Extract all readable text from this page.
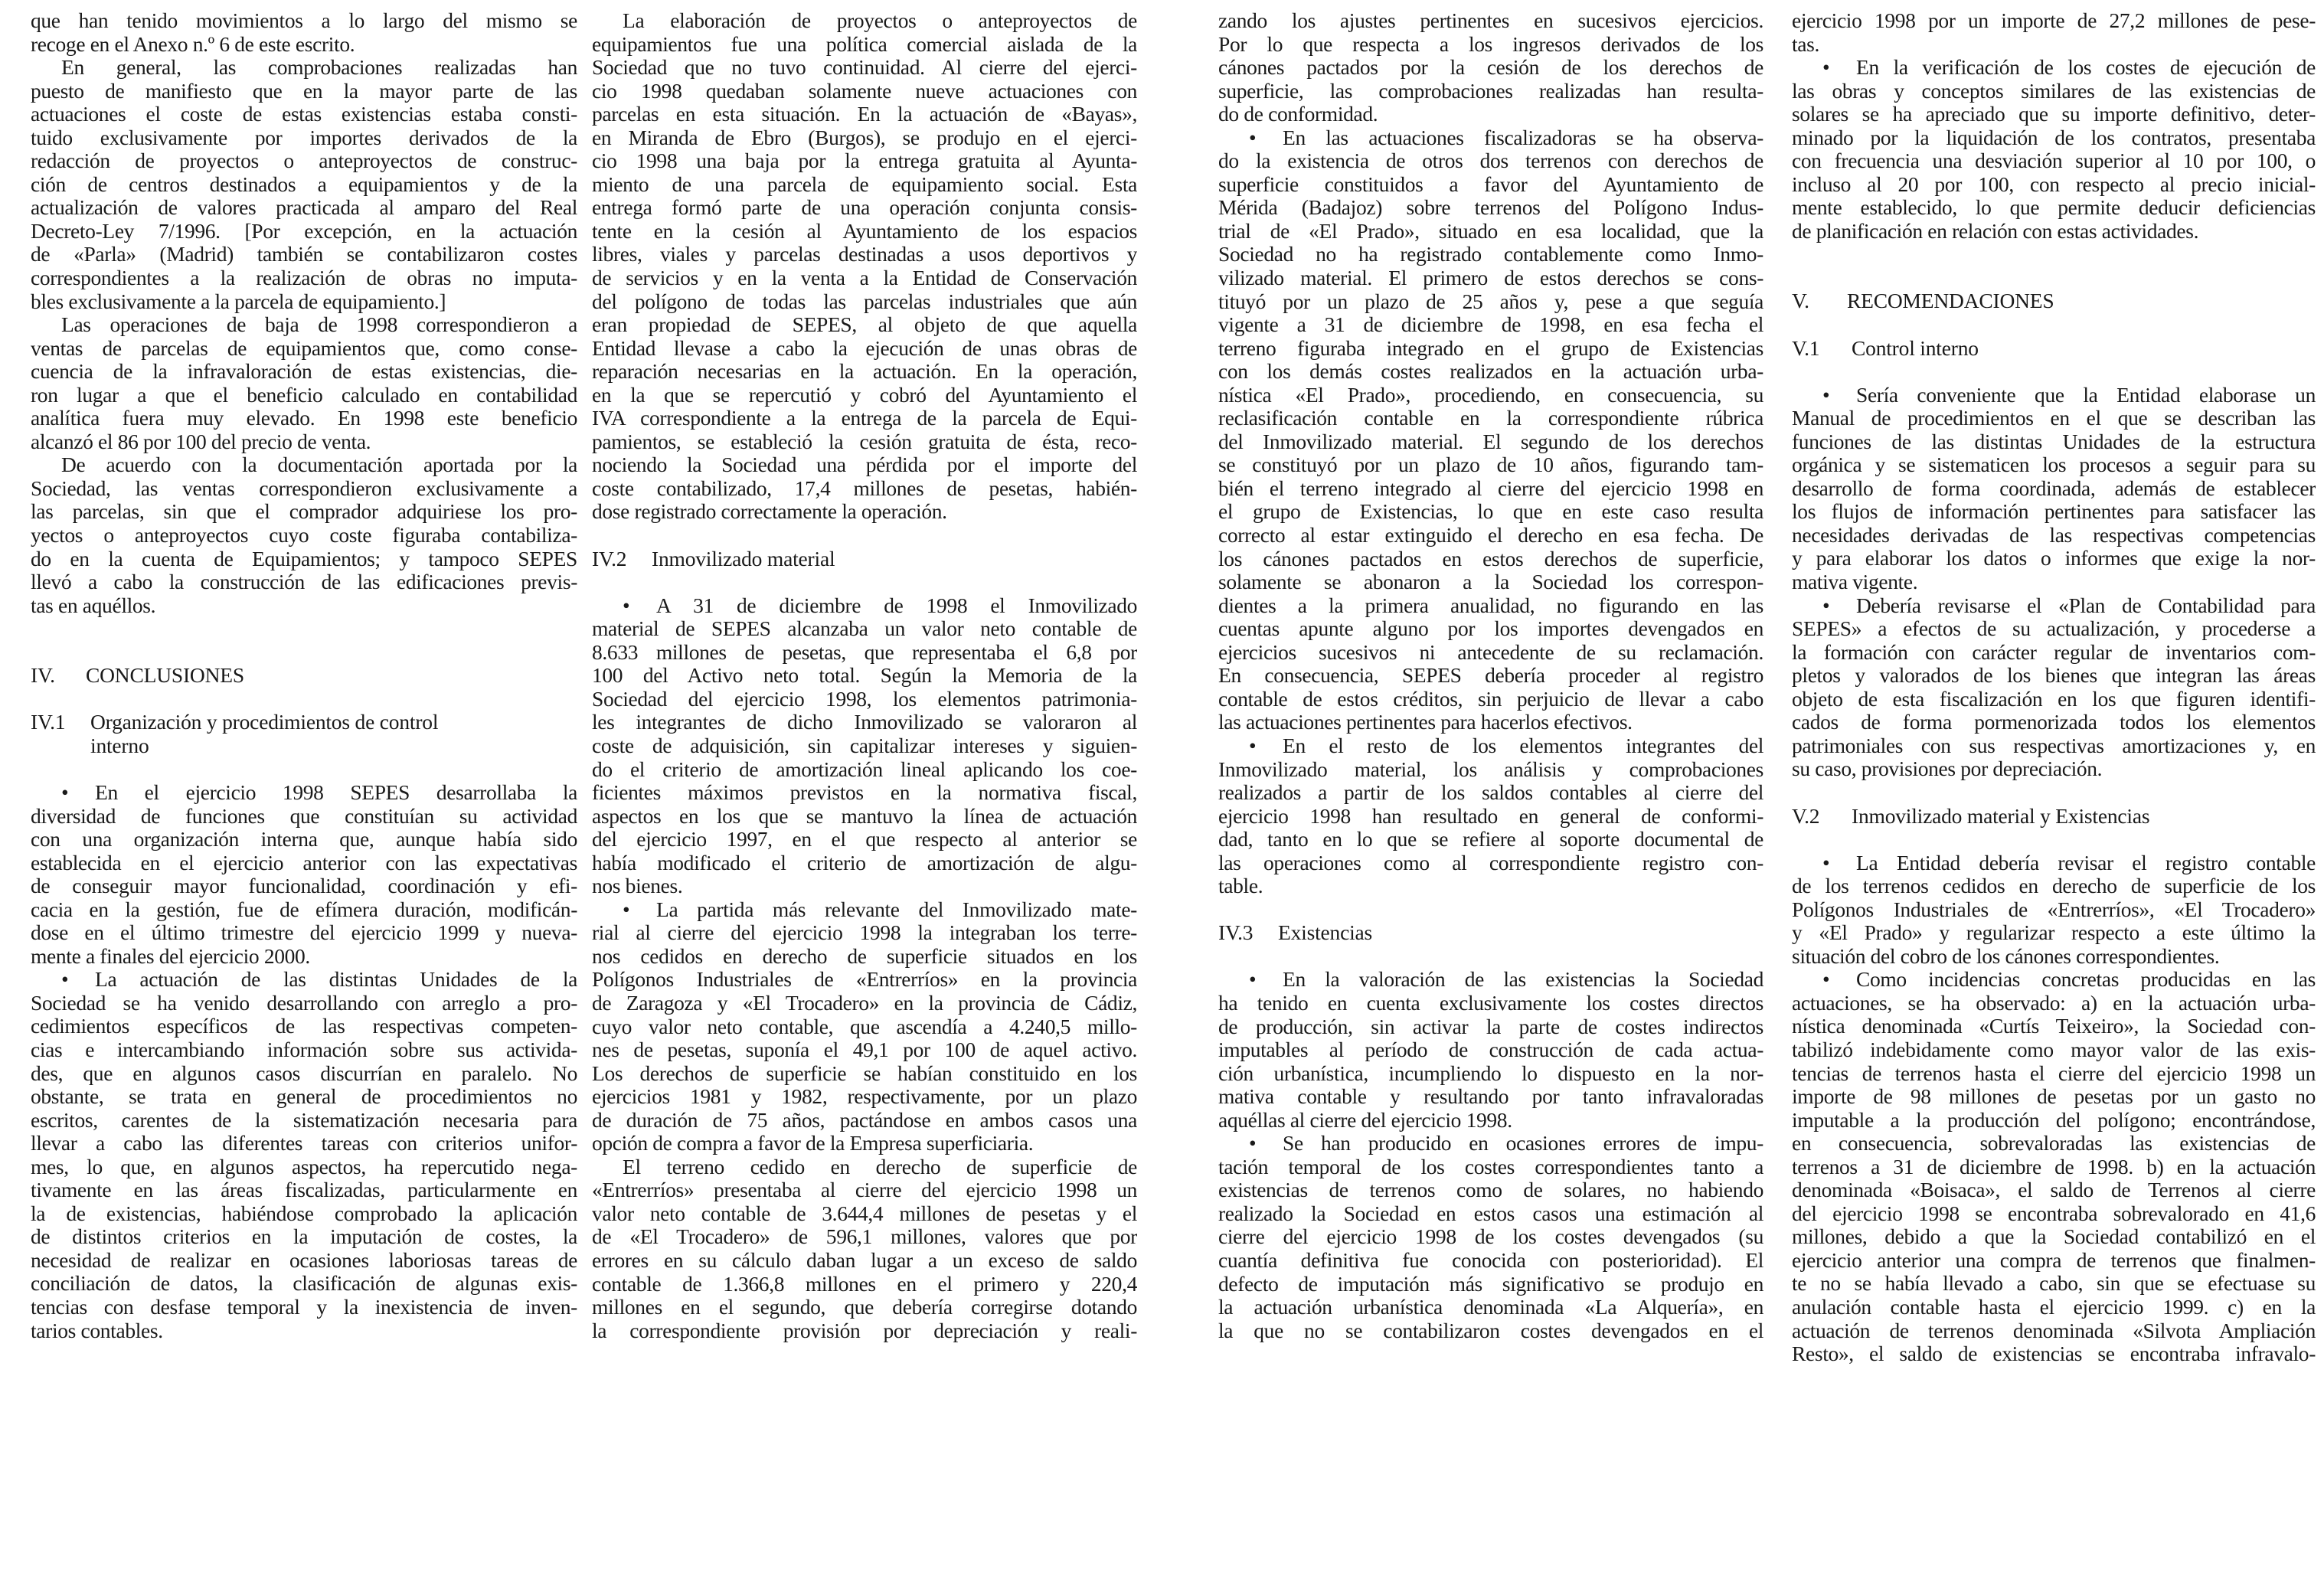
que han tenido movimientos a lo largo del mismo se
recoge en el Anexo n.º 6 de este escrito.
En general, las comprobaciones realizadas han
puesto de manifiesto que en la mayor parte de las
actuaciones el coste de estas existencias estaba consti-
tuido exclusivamente por importes derivados de la
redacción de proyectos o anteproyectos de construc-
ción de centros destinados a equipamientos y de la
actualización de valores practicada al amparo del Real
Decreto-Ley 7/1996. [Por excepción, en la actuación
de «Parla» (Madrid) también se contabilizaron costes
correspondientes a la realización de obras no imputa-
bles exclusivamente a la parcela de equipamiento.]
Las operaciones de baja de 1998 correspondieron a
ventas de parcelas de equipamientos que, como conse-
cuencia de la infravaloración de estas existencias, die-
ron lugar a que el beneficio calculado en contabilidad
analítica fuera muy elevado. En 1998 este beneficio
alcanzó el 86 por 100 del precio de venta.
De acuerdo con la documentación aportada por la
Sociedad, las ventas correspondieron exclusivamente a
las parcelas, sin que el comprador adquiriese los pro-
yectos o anteproyectos cuyo coste figuraba contabiliza-
do en la cuenta de Equipamientos; y tampoco SEPES
llevó a cabo la construcción de las edificaciones previs-
tas en aquéllos.
IV. CONCLUSIONES
IV.1 Organización y procedimientos de control
interno
• En el ejercicio 1998 SEPES desarrollaba la
diversidad de funciones que constituían su actividad
con una organización interna que, aunque había sido
establecida en el ejercicio anterior con las expectativas
de conseguir mayor funcionalidad, coordinación y efi-
cacia en la gestión, fue de efímera duración, modificán-
dose en el último trimestre del ejercicio 1999 y nueva-
mente a finales del ejercicio 2000.
• La actuación de las distintas Unidades de la
Sociedad se ha venido desarrollando con arreglo a pro-
cedimientos específicos de las respectivas competen-
cias e intercambiando información sobre sus activida-
des, que en algunos casos discurrían en paralelo. No
obstante, se trata en general de procedimientos no
escritos, carentes de la sistematización necesaria para
llevar a cabo las diferentes tareas con criterios unifor-
mes, lo que, en algunos aspectos, ha repercutido nega-
tivamente en las áreas fiscalizadas, particularmente en
la de existencias, habiéndose comprobado la aplicación
de distintos criterios en la imputación de costes, la
necesidad de realizar en ocasiones laboriosas tareas de
conciliación de datos, la clasificación de algunas exis-
tencias con desfase temporal y la inexistencia de inven-
tarios contables.
La elaboración de proyectos o anteproyectos de
equipamientos fue una política comercial aislada de la
Sociedad que no tuvo continuidad. Al cierre del ejerci-
cio 1998 quedaban solamente nueve actuaciones con
parcelas en esta situación. En la actuación de «Bayas»,
en Miranda de Ebro (Burgos), se produjo en el ejerci-
cio 1998 una baja por la entrega gratuita al Ayunta-
miento de una parcela de equipamiento social. Esta
entrega formó parte de una operación conjunta consis-
tente en la cesión al Ayuntamiento de los espacios
libres, viales y parcelas destinadas a usos deportivos y
de servicios y en la venta a la Entidad de Conservación
del polígono de todas las parcelas industriales que aún
eran propiedad de SEPES, al objeto de que aquella
Entidad llevase a cabo la ejecución de unas obras de
reparación necesarias en la actuación. En la operación,
en la que se repercutió y cobró del Ayuntamiento el
IVA correspondiente a la entrega de la parcela de Equi-
pamientos, se estableció la cesión gratuita de ésta, reco-
nociendo la Sociedad una pérdida por el importe del
coste contabilizado, 17,4 millones de pesetas, habién-
dose registrado correctamente la operación.
IV.2 Inmovilizado material
• A 31 de diciembre de 1998 el Inmovilizado
material de SEPES alcanzaba un valor neto contable de
8.633 millones de pesetas, que representaba el 6,8 por
100 del Activo neto total. Según la Memoria de la
Sociedad del ejercicio 1998, los elementos patrimonia-
les integrantes de dicho Inmovilizado se valoraron al
coste de adquisición, sin capitalizar intereses y siguien-
do el criterio de amortización lineal aplicando los coe-
ficientes máximos previstos en la normativa fiscal,
aspectos en los que se mantuvo la línea de actuación
del ejercicio 1997, en el que respecto al anterior se
había modificado el criterio de amortización de algu-
nos bienes.
• La partida más relevante del Inmovilizado mate-
rial al cierre del ejercicio 1998 la integraban los terre-
nos cedidos en derecho de superficie situados en los
Polígonos Industriales de «Entrerríos» en la provincia
de Zaragoza y «El Trocadero» en la provincia de Cádiz,
cuyo valor neto contable, que ascendía a 4.240,5 millo-
nes de pesetas, suponía el 49,1 por 100 de aquel activo.
Los derechos de superficie se habían constituido en los
ejercicios 1981 y 1982, respectivamente, por un plazo
de duración de 75 años, pactándose en ambos casos una
opción de compra a favor de la Empresa superficiaria.
El terreno cedido en derecho de superficie de
«Entrerríos» presentaba al cierre del ejercicio 1998 un
valor neto contable de 3.644,4 millones de pesetas y el
de «El Trocadero» de 596,1 millones, valores que por
errores en su cálculo daban lugar a un exceso de saldo
contable de 1.366,8 millones en el primero y 220,4
millones en el segundo, que debería corregirse dotando
la correspondiente provisión por depreciación y reali-
zando los ajustes pertinentes en sucesivos ejercicios.
Por lo que respecta a los ingresos derivados de los
cánones pactados por la cesión de los derechos de
superficie, las comprobaciones realizadas han resulta-
do de conformidad.
• En las actuaciones fiscalizadoras se ha observa-
do la existencia de otros dos terrenos con derechos de
superficie constituidos a favor del Ayuntamiento de
Mérida (Badajoz) sobre terrenos del Polígono Indus-
trial de «El Prado», situado en esa localidad, que la
Sociedad no ha registrado contablemente como Inmo-
vilizado material. El primero de estos derechos se cons-
tituyó por un plazo de 25 años y, pese a que seguía
vigente a 31 de diciembre de 1998, en esa fecha el
terreno figuraba integrado en el grupo de Existencias
con los demás costes realizados en la actuación urba-
nística «El Prado», procediendo, en consecuencia, su
reclasificación contable en la correspondiente rúbrica
del Inmovilizado material. El segundo de los derechos
se constituyó por un plazo de 10 años, figurando tam-
bién el terreno integrado al cierre del ejercicio 1998 en
el grupo de Existencias, lo que en este caso resulta
correcto al estar extinguido el derecho en esa fecha. De
los cánones pactados en estos derechos de superficie,
solamente se abonaron a la Sociedad los correspon-
dientes a la primera anualidad, no figurando en las
cuentas apunte alguno por los importes devengados en
ejercicios sucesivos ni antecedente de su reclamación.
En consecuencia, SEPES debería proceder al registro
contable de estos créditos, sin perjuicio de llevar a cabo
las actuaciones pertinentes para hacerlos efectivos.
• En el resto de los elementos integrantes del
Inmovilizado material, los análisis y comprobaciones
realizados a partir de los saldos contables al cierre del
ejercicio 1998 han resultado en general de conformi-
dad, tanto en lo que se refiere al soporte documental de
las operaciones como al correspondiente registro con-
table.
IV.3 Existencias
• En la valoración de las existencias la Sociedad
ha tenido en cuenta exclusivamente los costes directos
de producción, sin activar la parte de costes indirectos
imputables al período de construcción de cada actua-
ción urbanística, incumpliendo lo dispuesto en la nor-
mativa contable y resultando por tanto infravaloradas
aquéllas al cierre del ejercicio 1998.
• Se han producido en ocasiones errores de impu-
tación temporal de los costes correspondientes tanto a
existencias de terrenos como de solares, no habiendo
realizado la Sociedad en estos casos una estimación al
cierre del ejercicio 1998 de los costes devengados (su
cuantía definitiva fue conocida con posterioridad). El
defecto de imputación más significativo se produjo en
la actuación urbanística denominada «La Alquería», en
la que no se contabilizaron costes devengados en el
ejercicio 1998 por un importe de 27,2 millones de pese-
tas.
• En la verificación de los costes de ejecución de
las obras y conceptos similares de las existencias de
solares se ha apreciado que su importe definitivo, deter-
minado por la liquidación de los contratos, presentaba
con frecuencia una desviación superior al 10 por 100, o
incluso al 20 por 100, con respecto al precio inicial-
mente establecido, lo que permite deducir deficiencias
de planificación en relación con estas actividades.
V. RECOMENDACIONES
V.1 Control interno
• Sería conveniente que la Entidad elaborase un
Manual de procedimientos en el que se describan las
funciones de las distintas Unidades de la estructura
orgánica y se sistematicen los procesos a seguir para su
desarrollo de forma coordinada, además de establecer
los flujos de información pertinentes para satisfacer las
necesidades derivadas de las respectivas competencias
y para elaborar los datos o informes que exige la nor-
mativa vigente.
• Debería revisarse el «Plan de Contabilidad para
SEPES» a efectos de su actualización, y procederse a
la formación con carácter regular de inventarios com-
pletos y valorados de los bienes que integran las áreas
objeto de esta fiscalización en los que figuren identifi-
cados de forma pormenorizada todos los elementos
patrimoniales con sus respectivas amortizaciones y, en
su caso, provisiones por depreciación.
V.2 Inmovilizado material y Existencias
• La Entidad debería revisar el registro contable
de los terrenos cedidos en derecho de superficie de los
Polígonos Industriales de «Entrerríos», «El Trocadero»
y «El Prado» y regularizar respecto a este último la
situación del cobro de los cánones correspondientes.
• Como incidencias concretas producidas en las
actuaciones, se ha observado: a) en la actuación urba-
nística denominada «Curtís Teixeiro», la Sociedad con-
tabilizó indebidamente como mayor valor de las exis-
tencias de terrenos hasta el cierre del ejercicio 1998 un
importe de 98 millones de pesetas por un gasto no
imputable a la producción del polígono; encontrándose,
en consecuencia, sobrevaloradas las existencias de
terrenos a 31 de diciembre de 1998. b) en la actuación
denominada «Boisaca», el saldo de Terrenos al cierre
del ejercicio 1998 se encontraba sobrevalorado en 41,6
millones, debido a que la Sociedad contabilizó en el
ejercicio anterior una compra de terrenos que finalmen-
te no se había llevado a cabo, sin que se efectuase su
anulación contable hasta el ejercicio 1999. c) en la
actuación de terrenos denominada «Silvota Ampliación
Resto», el saldo de existencias se encontraba infravalo-
